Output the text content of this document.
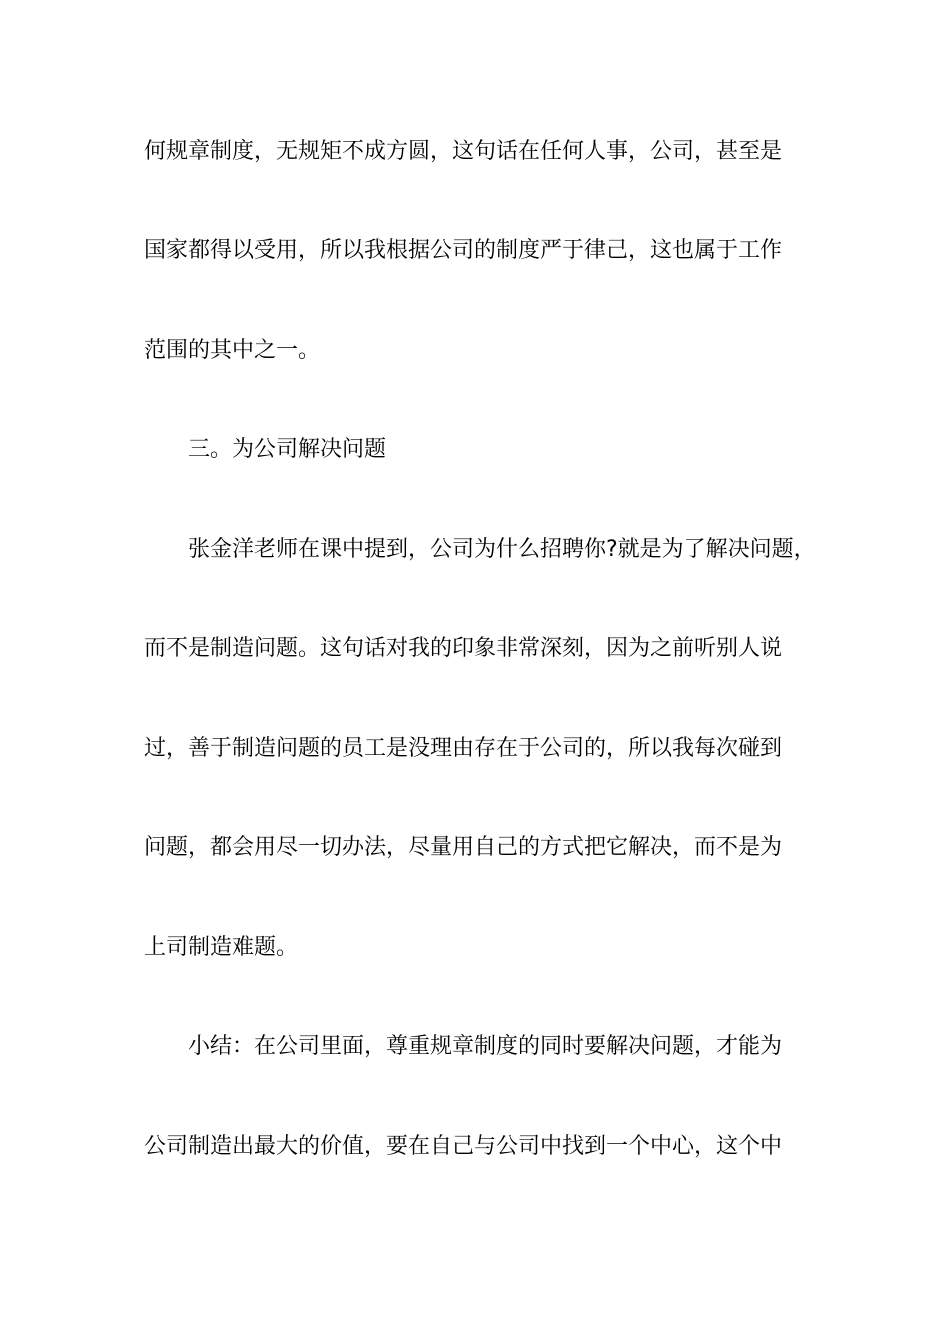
何规章制度，无规矩不成方圆，这句话在任何人事，公司，甚至是
国家都得以受用，所以我根据公司的制度严于律己，这也属于工作
范围的其中之一。
三。为公司解决问题
张金洋老师在课中提到，公司为什么招聘你?就是为了解决问题，
而不是制造问题。这句话对我的印象非常深刻，因为之前听别人说
过，善于制造问题的员工是没理由存在于公司的，所以我每次碰到
问题，都会用尽一切办法，尽量用自己的方式把它解决，而不是为
上司制造难题。
小结：在公司里面，尊重规章制度的同时要解决问题，才能为
公司制造出最大的价值，要在自己与公司中找到一个中心，这个中
